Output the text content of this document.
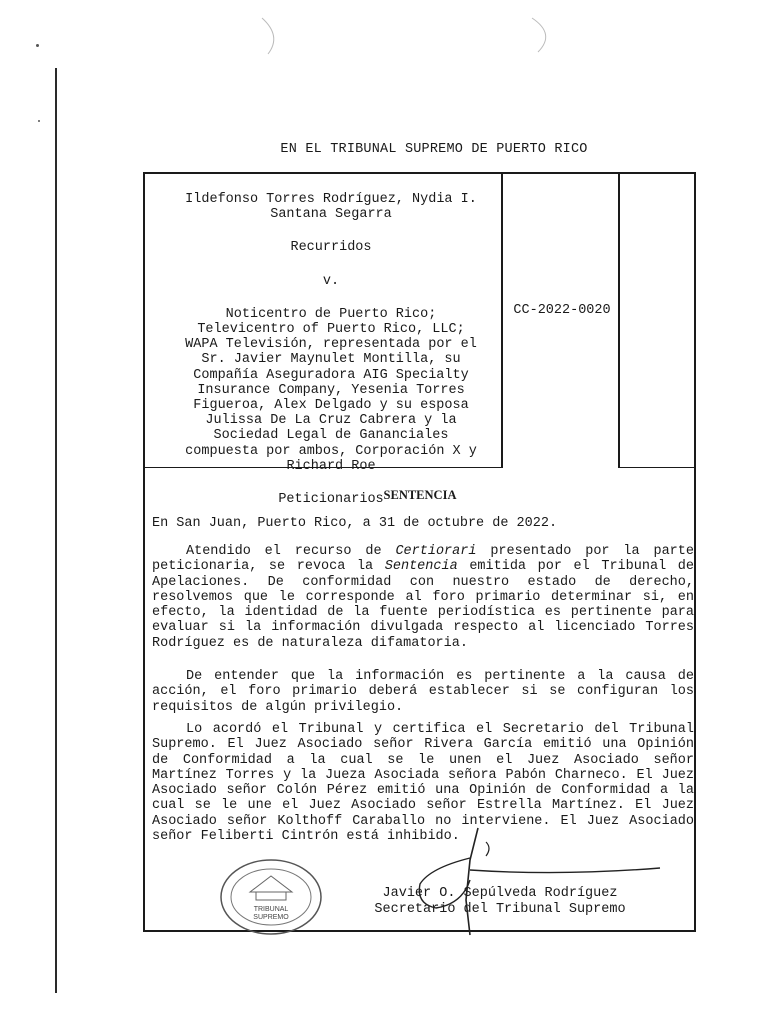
EN EL TRIBUNAL SUPREMO DE PUERTO RICO
Ildefonso Torres Rodríguez, Nydia I.
Santana Segarra
Recurridos
v.
Noticentro de Puerto Rico;
Televicentro of Puerto Rico, LLC;
WAPA Televisión, representada por el
Sr. Javier Maynulet Montilla, su
Compañía Aseguradora AIG Specialty
Insurance Company, Yesenia Torres
Figueroa, Alex Delgado y su esposa
Julissa De La Cruz Cabrera y la
Sociedad Legal de Gananciales
compuesta por ambos, Corporación X y
Richard Roe
Peticionarios
CC-2022-0020
SENTENCIA
En San Juan, Puerto Rico, a 31 de octubre de 2022.
Atendido el recurso de Certiorari presentado por la parte peticionaria, se revoca la Sentencia emitida por el Tribunal de Apelaciones. De conformidad con nuestro estado de derecho, resolvemos que le corresponde al foro primario determinar si, en efecto, la identidad de la fuente periodística es pertinente para evaluar si la información divulgada respecto al licenciado Torres Rodríguez es de naturaleza difamatoria.
De entender que la información es pertinente a la causa de acción, el foro primario deberá establecer si se configuran los requisitos de algún privilegio.
Lo acordó el Tribunal y certifica el Secretario del Tribunal Supremo. El Juez Asociado señor Rivera García emitió una Opinión de Conformidad a la cual se le unen el Juez Asociado señor Martínez Torres y la Jueza Asociada señora Pabón Charneco. El Juez Asociado señor Colón Pérez emitió una Opinión de Conformidad a la cual se le une el Juez Asociado señor Estrella Martínez. El Juez Asociado señor Kolthoff Caraballo no interviene. El Juez Asociado señor Feliberti Cintrón está inhibido.
TRIBUNAL
SUPREMO
Javier O. Sepúlveda Rodríguez
Secretario del Tribunal Supremo
